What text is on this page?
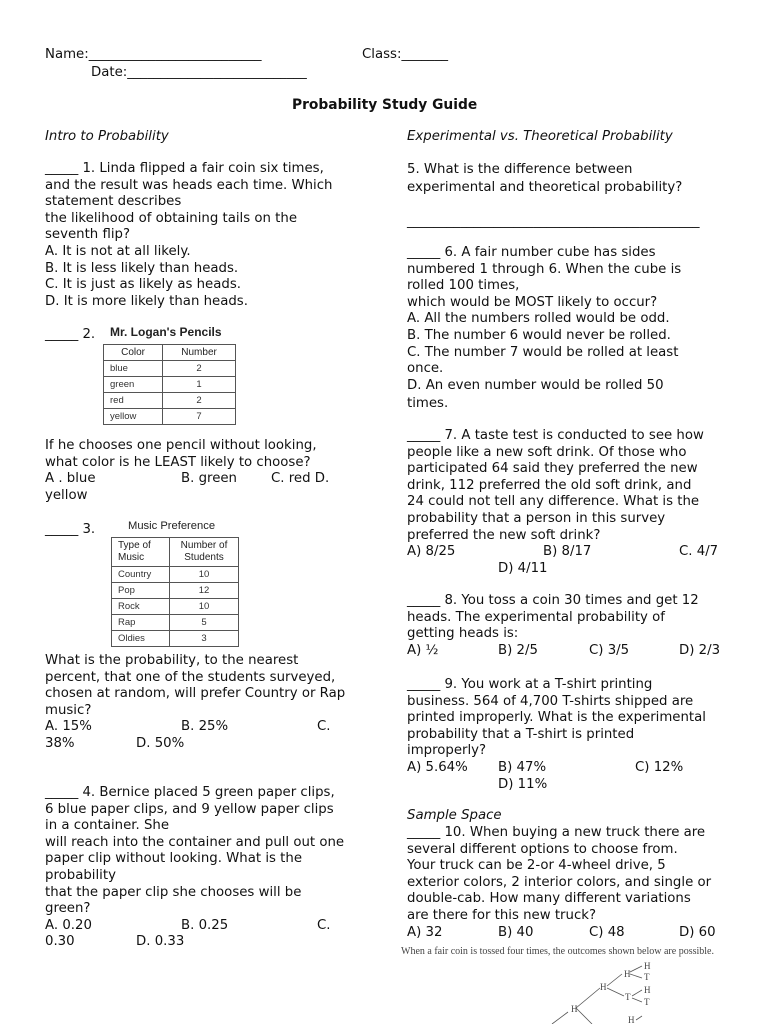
Name:__________________________	Class:_______
Date:___________________________
Probability Study Guide
Intro to Probability
_____ 1. Linda flipped a fair coin six times,
and the result was heads each time. Which
statement describes
the likelihood of obtaining tails on the
seventh flip?
A. It is not at all likely.
B. It is less likely than heads.
C. It is just as likely as heads.
D. It is more likely than heads.
_____ 2. Mr. Logan's Pencils
Color	Number
blue	2
green	1
red	2
yellow	7
If he chooses one pencil without looking,
what color is he LEAST likely to choose?
A . blue	B. green	C. red D.
yellow
_____ 3.	Music Preference
Type of Music	Number of Students
Country	10
Pop	12
Rock	10
Rap	5
Oldies	3
What is the probability, to the nearest
percent, that one of the students surveyed,
chosen at random, will prefer Country or Rap
music?
A. 15%	B. 25%	C.
38%	D. 50%
_____ 4. Bernice placed 5 green paper clips,
6 blue paper clips, and 9 yellow paper clips
in a container. She
will reach into the container and pull out one
paper clip without looking. What is the
probability
that the paper clip she chooses will be
green?
A. 0.20	B. 0.25	C.
0.30	D. 0.33
Experimental vs. Theoretical Probability
5. What is the difference between
experimental and theoretical probability?
____________________________________________
_____ 6. A fair number cube has sides
numbered 1 through 6. When the cube is
rolled 100 times,
which would be MOST likely to occur?
A. All the numbers rolled would be odd.
B. The number 6 would never be rolled.
C. The number 7 would be rolled at least
once.
D. An even number would be rolled 50
times.
_____ 7. A taste test is conducted to see how
people like a new soft drink. Of those who
participated 64 said they preferred the new
drink, 112 preferred the old soft drink, and
24 could not tell any difference. What is the
probability that a person in this survey
preferred the new soft drink?
A) 8/25	B) 8/17	C. 4/7
D) 4/11
_____ 8. You toss a coin 30 times and get 12
heads. The experimental probability of
getting heads is:
A) ½	B) 2/5	C) 3/5	D) 2/3
_____ 9. You work at a T-shirt printing
business. 564 of 4,700 T-shirts shipped are
printed improperly. What is the experimental
probability that a T-shirt is printed
improperly?
A) 5.64% B) 47%	C) 12%
D) 11%
Sample Space
_____ 10. When buying a new truck there are
several different options to choose from.
Your truck can be 2-or 4-wheel drive, 5
exterior colors, 2 interior colors, and single or
double-cab. How many different variations
are there for this new truck?
A) 32	B) 40	C) 48	D) 60
When a fair coin is tossed four times, the outcomes shown below are possible.
H
H
H
T
H
T
H
T
H
